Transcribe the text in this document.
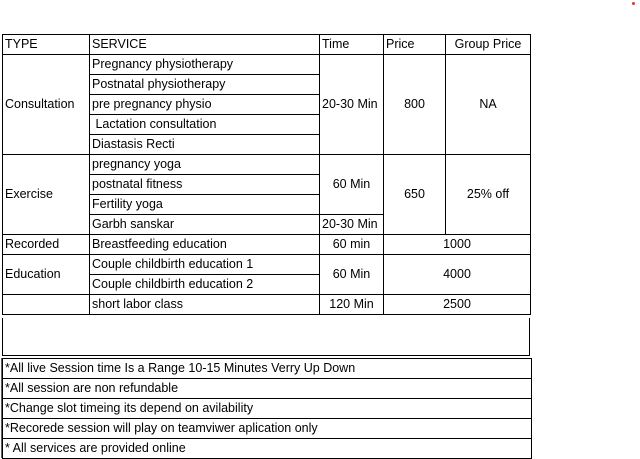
TYPE	SERVICE	Time	Price	Group Price
Consultation	Pregnancy physiotherapy	20-30 Min	800	NA
	Postnatal physiotherapy			
	pre pregnancy physio			
	Lactation consultation			
	Diastasis Recti			
Exercise	pregnancy yoga	60 Min	650	25% off
	postnatal fitness			
	Fertility yoga			
	Garbh sanskar	20-30 Min		
Recorded	Breastfeeding education	60 min	1000	
Education	Couple childbirth education 1	60 Min	4000	
	Couple childbirth education 2			
	short labor class	120 Min	2500	
*All live Session time Is a Range 10-15 Minutes Verry Up Down
*All session are non refundable
*Change slot timeing its depend on avilability
*Recorede session will play on teamviwer aplication only
* All services are provided online
